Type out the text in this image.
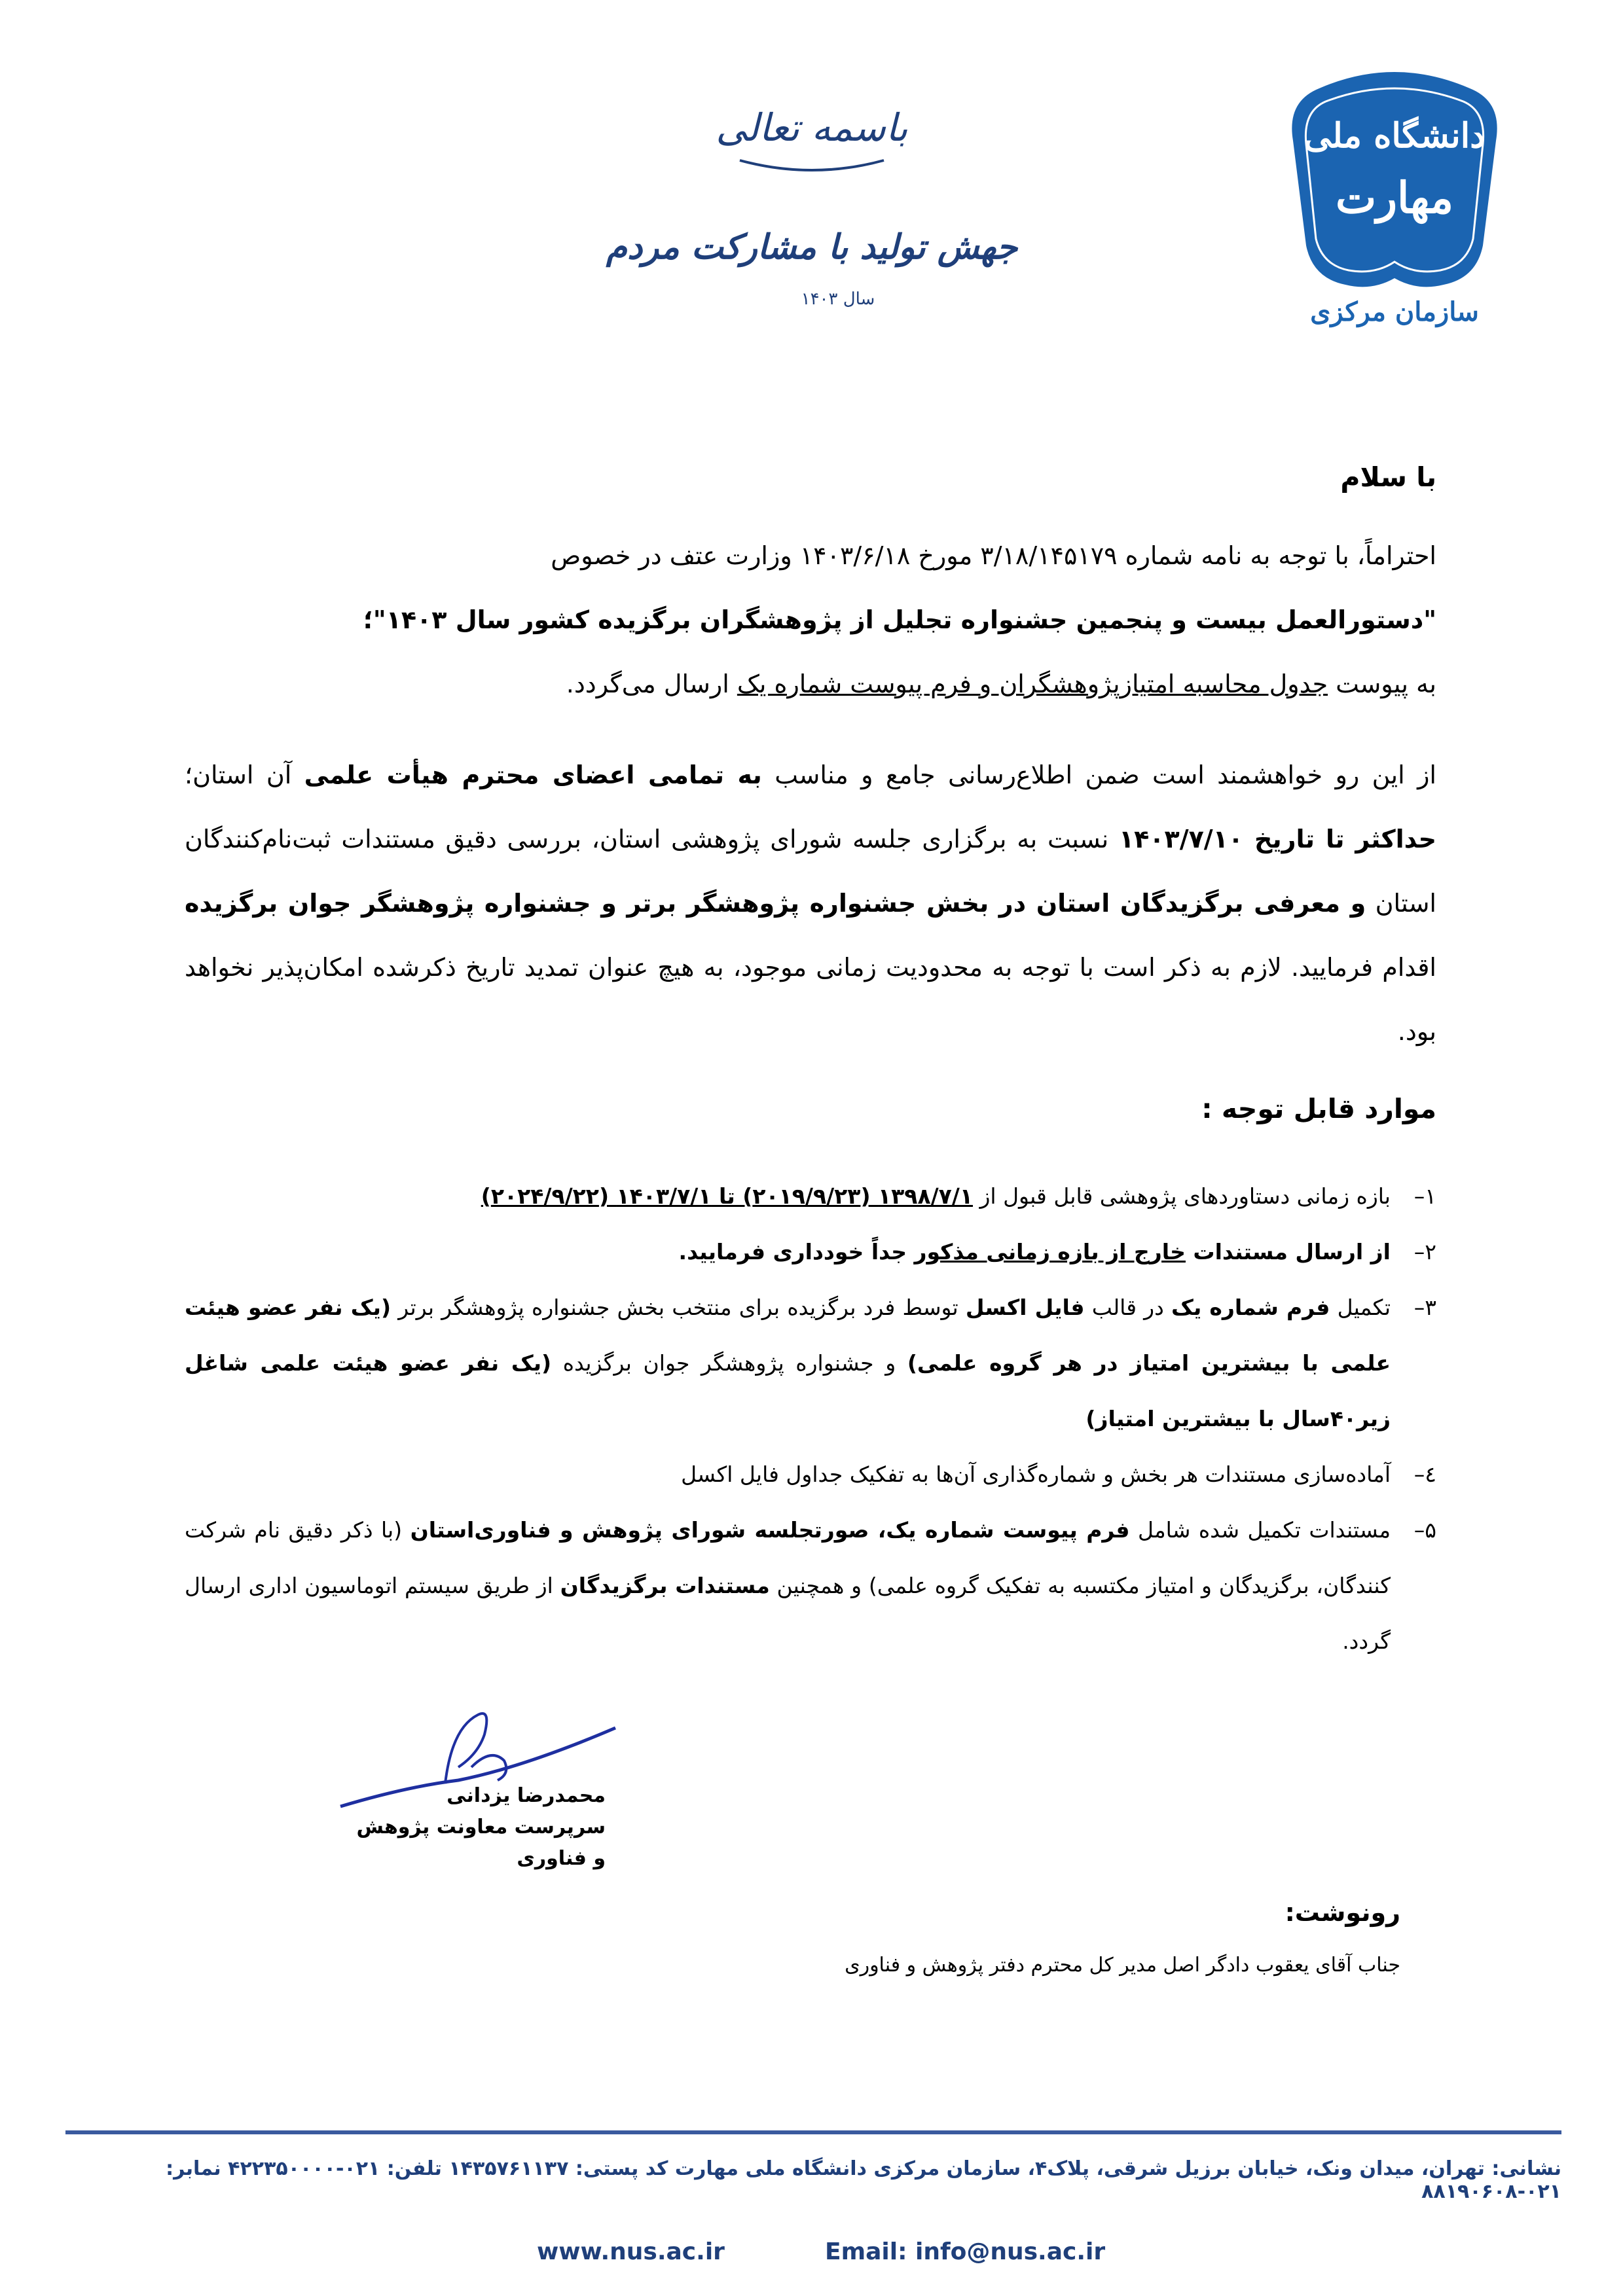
دانشگاه ملی
مهارت
سازمان مرکزی
باسمه تعالی
جهش تولید با مشارکت مردم
سال ۱۴۰۳
با سلام
احتراماً، با توجه به نامه شماره ۳/۱۸/۱۴۵۱۷۹ مورخ ۱۴۰۳/۶/۱۸ وزارت عتف در خصوص
"دستورالعمل بیست و پنجمین جشنواره تجلیل از پژوهشگران برگزیده کشور سال ۱۴۰۳"؛
به پیوست جدول محاسبه امتیازپژوهشگران و فرم پیوست شماره یک ارسال می‌گردد.
از این رو خواهشمند است ضمن اطلاع‌رسانی جامع و مناسب به تمامی اعضای محترم هیأت علمی آن استان؛ حداکثر تا تاریخ ۱۴۰۳/۷/۱۰ نسبت به برگزاری جلسه شورای پژوهشی استان، بررسی دقیق مستندات ثبت‌نام‌کنندگان استان و معرفی برگزیدگان استان در بخش جشنواره پژوهشگر برتر و جشنواره پژوهشگر جوان برگزیده اقدام فرمایید. لازم به ذکر است با توجه به محدودیت زمانی موجود، به هیچ عنوان تمدید تاریخ ذکرشده امکان‌پذیر نخواهد بود.
موارد قابل توجه :
۱–
بازه زمانی دستاوردهای پژوهشی قابل قبول از ۱۳۹۸/۷/۱ (۲۰۱۹/۹/۲۳) تا ۱۴۰۳/۷/۱ (۲۰۲۴/۹/۲۲)
۲–
از ارسال مستندات خارج از بازه زمانی مذکور جداً خودداری فرمایید.
۳–
تکمیل فرم شماره یک در قالب فایل اکسل توسط فرد برگزیده برای منتخب بخش جشنواره پژوهشگر برتر (یک نفر عضو هیئت علمی با بیشترین امتیاز در هر گروه علمی) و جشنواره پژوهشگر جوان برگزیده (یک نفر عضو هیئت علمی شاغل زیر۴۰سال با بیشترین امتیاز)
٤–
آماده‌سازی مستندات هر بخش و شماره‌گذاری آن‌ها به تفکیک جداول فایل اکسل
۵–
مستندات تکمیل شده شامل فرم پیوست شماره یک، صورتجلسه شورای پژوهش و فناوری‌استان (با ذکر دقیق نام شرکت کنندگان، برگزیدگان و امتیاز مکتسبه به تفکیک گروه علمی) و همچنین مستندات برگزیدگان از طریق سیستم اتوماسیون اداری ارسال گردد.
محمدرضا یزدانی
سرپرست معاونت پژوهش و فناوری
رونوشت:
جناب آقای یعقوب دادگر اصل مدیر کل محترم دفتر پژوهش و فناوری
نشانی: تهران، میدان ونک، خیابان برزیل شرقی، پلاک۴، سازمان مرکزی دانشگاه ملی مهارت کد پستی: ۱۴۳۵۷۶۱۱۳۷ تلفن: ۰۲۱-۴۲۲۳۵۰۰۰۰ نمابر: ۰۲۱-۸۸۱۹۰۶۰۸
www.nus.ac.ir	Email: info@nus.ac.ir
